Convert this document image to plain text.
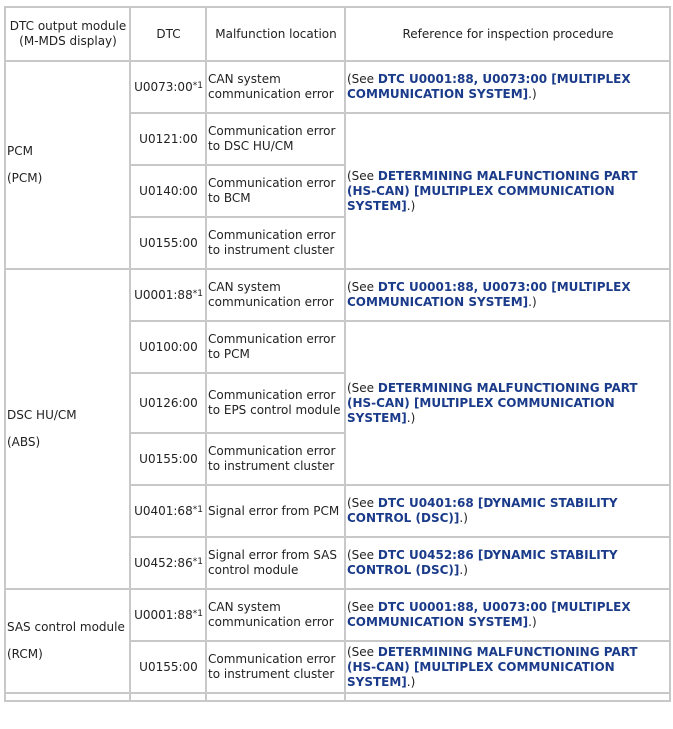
DTC output module (M-MDS display)	DTC	Malfunction location	Reference for inspection procedure

PCM
(PCM)	U0073:00$^{*1}$	CAN system communication error	(See DTC U0001:88, U0073:00 [MULTIPLEX COMMUNICATION SYSTEM].)
	U0121:00	Communication error to DSC HU/CM	(See DETERMINING MALFUNCTIONING PART (HS-CAN) [MULTIPLEX COMMUNICATION SYSTEM].)
	U0140:00	Communication error to BCM	
	U0155:00	Communication error to instrument cluster	

DSC HU/CM
(ABS)	U0001:88$^{*1}$	CAN system communication error	(See DTC U0001:88, U0073:00 [MULTIPLEX COMMUNICATION SYSTEM].)
	U0100:00	Communication error to PCM	(See DETERMINING MALFUNCTIONING PART (HS-CAN) [MULTIPLEX COMMUNICATION SYSTEM].)
	U0126:00	Communication error to EPS control module	
	U0155:00	Communication error to instrument cluster	
	U0401:68$^{*1}$	Signal error from PCM	(See DTC U0401:68 [DYNAMIC STABILITY CONTROL (DSC)].)
	U0452:86$^{*1}$	Signal error from SAS control module	(See DTC U0452:86 [DYNAMIC STABILITY CONTROL (DSC)].)

SAS control module
(RCM)	U0001:88$^{*1}$	CAN system communication error	(See DTC U0001:88, U0073:00 [MULTIPLEX COMMUNICATION SYSTEM].)
	U0155:00	Communication error to instrument cluster	(See DETERMINING MALFUNCTIONING PART (HS-CAN) [MULTIPLEX COMMUNICATION SYSTEM].)
